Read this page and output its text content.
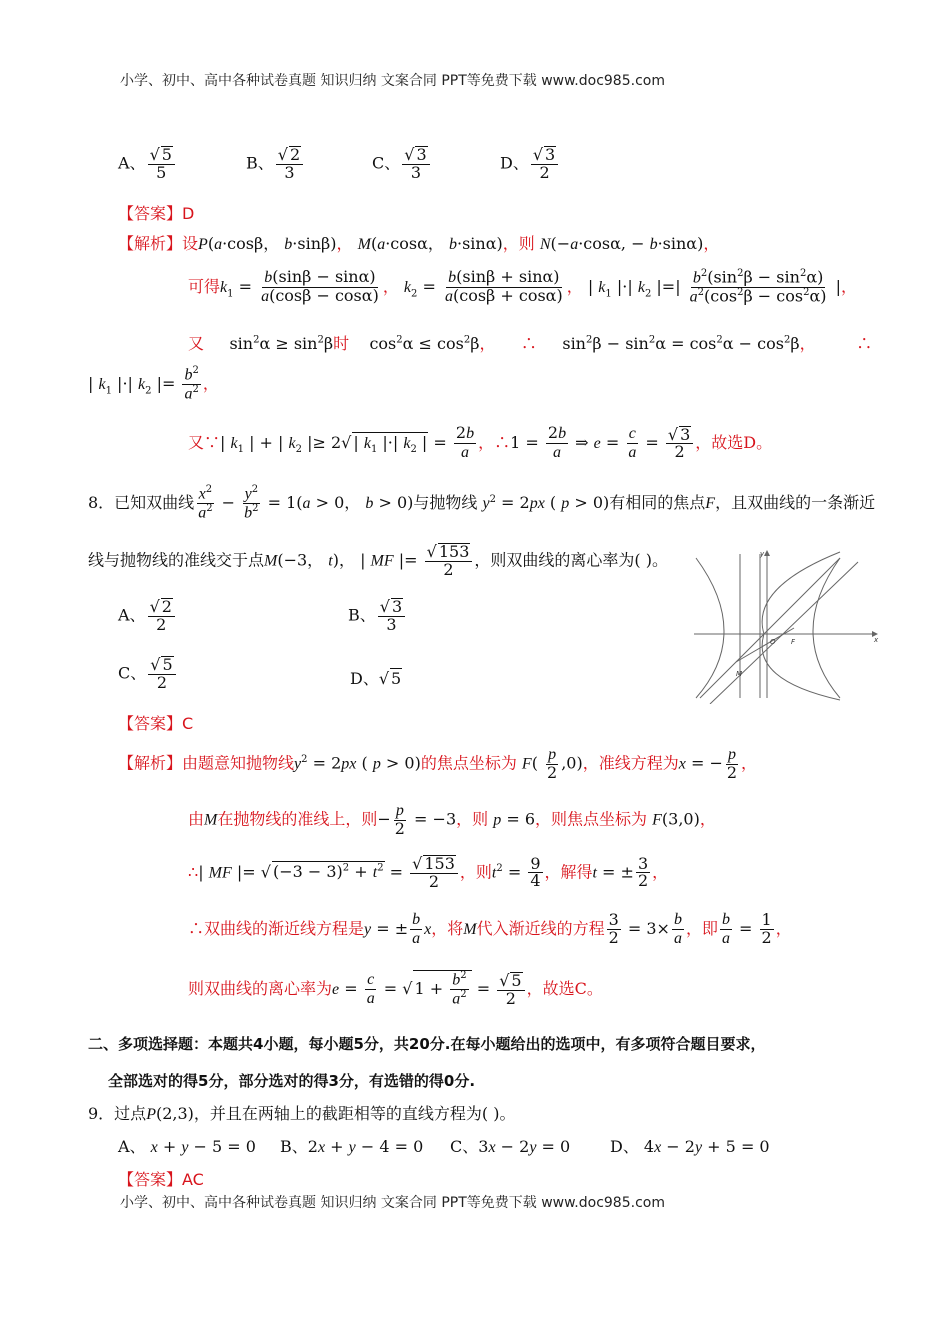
小学、初中、高中各种试卷真题 知识归纳 文案合同 PPT等免费下载 www.doc985.com
A、 $\frac{√ 5}{5}$	B、 $\frac{√ 2}{3}$	C、 $\frac{√ 3}{3}$	D、 $\frac{√ 3}{2}$
【答案】D
【解析】设P(a·cosβ， b·sinβ)， M(a·cosα， b·sinα)，则 N(−a·cosα, − b·sinα)，
可得$k_1 = \frac{b(\sin\beta - \sin\alpha)}{a(\cos\beta - \cos\alpha)}$ ， $k_2 = \frac{b(\sin\beta + \sin\alpha)}{a(\cos\beta + \cos\alpha)}$ ， | $k_1$ |·| $k_2$ |=| $\frac{b^2(\sin^2\beta - \sin^2\alpha)}{a^2(\cos^2\beta - \cos^2\alpha)}$ |，
又     $\sin^2\alpha \ge \sin^2\beta$时    $\cos^2\alpha \le \cos^2\beta$， ∴     $\sin^2\beta - \sin^2\alpha = \cos^2\alpha - \cos^2\beta$，	∴
| $k_1$ |·| $k_2$ |= $\frac{b^2}{a^2}$ ，
又∵| $k_1$ | + | $k_2$ |≥ 2√ | $k_1$ |·| $k_2$ | = $\frac{2b}{a}$ ，∴1 = $\frac{2b}{a}$ ⇒ $e = \frac{c}{a} = \frac{√ 3}{2}$ ，故选D。
8．已知双曲线 $\frac{x^2}{a^2} - \frac{y^2}{b^2} = 1(a > 0$， b > 0)与抛物线 $y^2 = 2px$ ( p > 0)有相同的焦点F，且双曲线的一条渐近
线与抛物线的准线交于点M(−3， t)， | MF |= $\frac{√ 153}{2}$ ，则双曲线的离心率为( )。
O F	x
y
M
A、 $\frac{√ 2}{2}$	B、 $\frac{√ 3}{3}$
C、 $\frac{√ 5}{2}$	D、√ 5
【答案】C
【解析】由题意知抛物线$y^2 = 2px$ ( p > 0)的焦点坐标为 $F( \frac{p}{2} ,0)$，准线方程为x = − $\frac{p}{2}$ ，
由M在抛物线的准线上，则− $\frac{p}{2} = -3$，则 p = 6，则焦点坐标为 F(3,0)，
∴| MF |= √ $(-3 - 3)^2 + t^2 = \frac{√ 153}{2}$ ，则$t^2 = \frac{9}{4}$ ，解得t = ± $\frac{3}{2}$ ，
∴双曲线的渐近线方程是y = ± $\frac{b}{a}$ x，将M代入渐近线的方程 $\frac{3}{2} = 3\times \frac{b}{a}$ ，即 $\frac{b}{a} = \frac{1}{2}$ ，
则双曲线的离心率为$e = \frac{c}{a}$ = √ $1 + \frac{b^2}{a^2} = \frac{√ 5}{2}$ ，故选C。
二、多项选择题：本题共4小题，每小题5分，共20分.在每小题给出的选项中，有多项符合题目要求，
全部选对的得5分，部分选对的得3分，有选错的得0分.
9．过点P(2,3)，并且在两轴上的截距相等的直线方程为( )。
A、 x + y − 5 = 0 B、2x + y − 4 = 0 C、3x − 2y = 0 D、 4x − 2y + 5 = 0
【答案】AC
小学、初中、高中各种试卷真题 知识归纳 文案合同 PPT等免费下载 www.doc985.com
